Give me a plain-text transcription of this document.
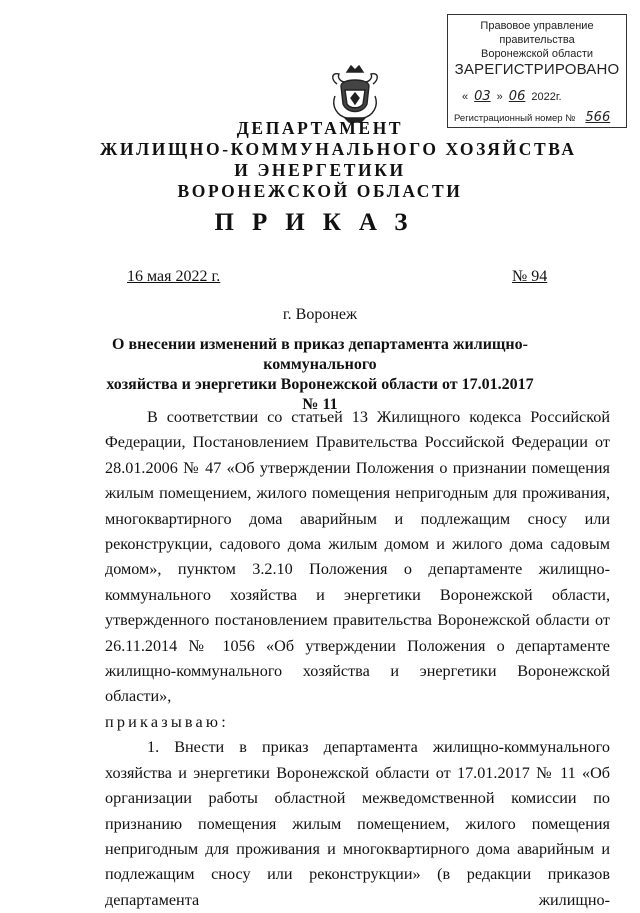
Правовое управление правительства
Воронежской области
ЗАРЕГИСТРИРОВАНО
« 03 » 06 2022г.
Регистрационный номер № 566
ДЕПАРТАМЕНТ
ЖИЛИЩНО-КОММУНАЛЬНОГО ХОЗЯЙСТВА
И ЭНЕРГЕТИКИ
ВОРОНЕЖСКОЙ ОБЛАСТИ
ПРИКАЗ
16 мая 2022 г.	№ 94
г. Воронеж
О внесении изменений в приказ департамента жилищно-коммунального
хозяйства и энергетики Воронежской области от 17.01.2017 № 11

В соответствии со статьей 13 Жилищного кодекса Российской Федерации, Постановлением Правительства Российской Федерации от 28.01.2006 № 47 «Об утверждении Положения о признании помещения жилым помещением, жилого помещения непригодным для проживания, многоквартирного дома аварийным и подлежащим сносу или реконструкции, садового дома жилым домом и жилого дома садовым домом», пунктом 3.2.10 Положения о департаменте жилищно-коммунального хозяйства и энергетики Воронежской области, утвержденного постановлением правительства Воронежской области от 26.11.2014 № 1056 «Об утверждении Положения о департаменте жилищно-коммунального хозяйства и энергетики Воронежской области»,

приказываю:

1. Внести в приказ департамента жилищно-коммунального хозяйства и энергетики Воронежской области от 17.01.2017 № 11 «Об организации работы областной межведомственной комиссии по признанию помещения жилым помещением, жилого помещения непригодным для проживания и многоквартирного дома аварийным и подлежащим сносу или реконструкции» (в редакции приказов департамента жилищно-
